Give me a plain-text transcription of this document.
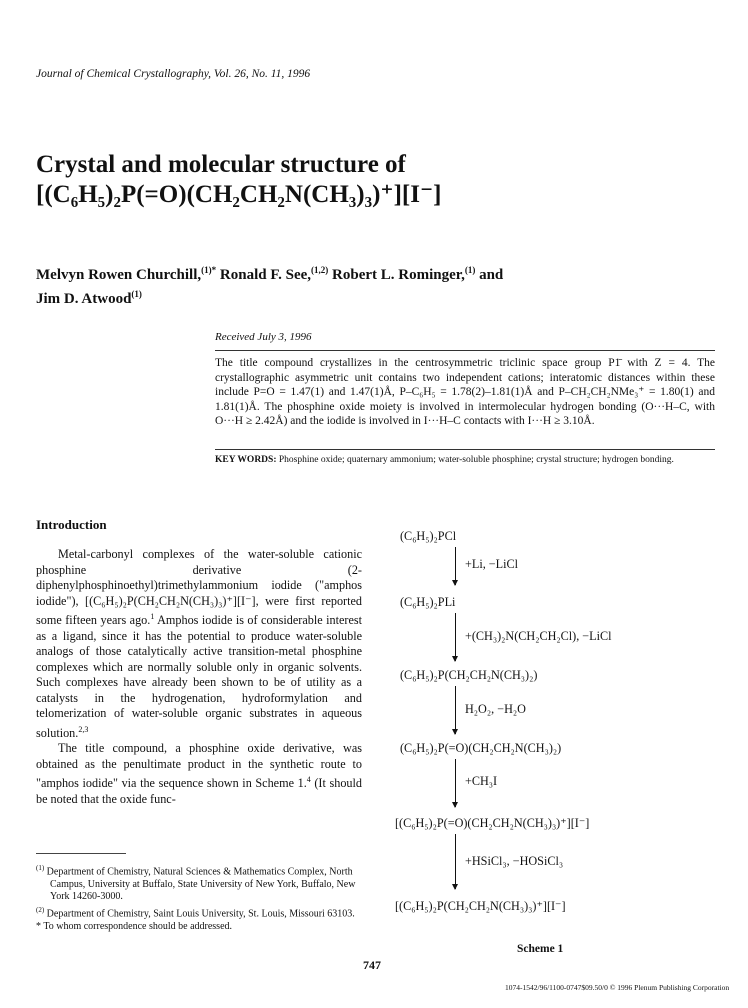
Journal of Chemical Crystallography, Vol. 26, No. 11, 1996
Crystal and molecular structure of
[(C₆H₅)₂P(=O)(CH₂CH₂N(CH₃)₃)⁺][I⁻]
Melvyn Rowen Churchill,$^{(1)*}$ Ronald F. See,$^{(1,2)}$ Robert L. Rominger,$^{(1)}$ and
Jim D. Atwood$^{(1)}$
Received July 3, 1996
The title compound crystallizes in the centrosymmetric triclinic space group P1̄ with Z = 4. The crystallographic asymmetric unit contains two independent cations; interatomic distances within these include P=O = 1.47(1) and 1.47(1)Å, P–C₆H₅ = 1.78(2)–1.81(1)Å and P–CH₂CH₂NMe₃⁺ = 1.80(1) and 1.81(1)Å. The phosphine oxide moiety is involved in intermolecular hydrogen bonding (O···H–C, with O···H ≥ 2.42Å) and the iodide is involved in I···H–C contacts with I···H ≥ 3.10Å.
KEY WORDS: Phosphine oxide; quaternary ammonium; water-soluble phosphine; crystal structure; hydrogen bonding.
Introduction

Metal-carbonyl complexes of the water-soluble cationic phosphine derivative (2-diphenylphosphinoethyl)trimethylammonium iodide ("amphos iodide"), [(C₆H₅)₂P(CH₂CH₂N(CH₃)₃)⁺][I⁻], were first reported some fifteen years ago.$^1$ Amphos iodide is of considerable interest as a ligand, since it has the potential to produce water-soluble analogs of those catalytically active transition-metal phosphine complexes which are normally soluble only in organic solvents. Such complexes have already been shown to be of utility as a catalysts in the hydrogenation, hydroformylation and telomerization of water-soluble organic substrates in aqueous solution.$^{2,3}$

The title compound, a phosphine oxide derivative, was obtained as the penultimate product in the synthetic route to "amphos iodide" via the sequence shown in Scheme 1.$^4$ (It should be noted that the oxide func-

$^{(1)}$ Department of Chemistry, Natural Sciences & Mathematics Complex, North Campus, University at Buffalo, State University of New York, Buffalo, New York 14260-3000.
$^{(2)}$ Department of Chemistry, Saint Louis University, St. Louis, Missouri 63103.
* To whom correspondence should be addressed.
(C₆H₅)₂PCl
+Li, −LiCl
(C₆H₅)₂PLi
+(CH₃)₂N(CH₂CH₂Cl), −LiCl
(C₆H₅)₂P(CH₂CH₂N(CH₃)₂)
H₂O₂, −H₂O
(C₆H₅)₂P(=O)(CH₂CH₂N(CH₃)₂)
+CH₃I
[(C₆H₅)₂P(=O)(CH₂CH₂N(CH₃)₃)⁺][I⁻]
+HSiCl₃, −HOSiCl₃
[(C₆H₅)₂P(CH₂CH₂N(CH₃)₃)⁺][I⁻]
Scheme 1
747
1074-1542/96/1100-0747$09.50/0 © 1996 Plenum Publishing Corporation
